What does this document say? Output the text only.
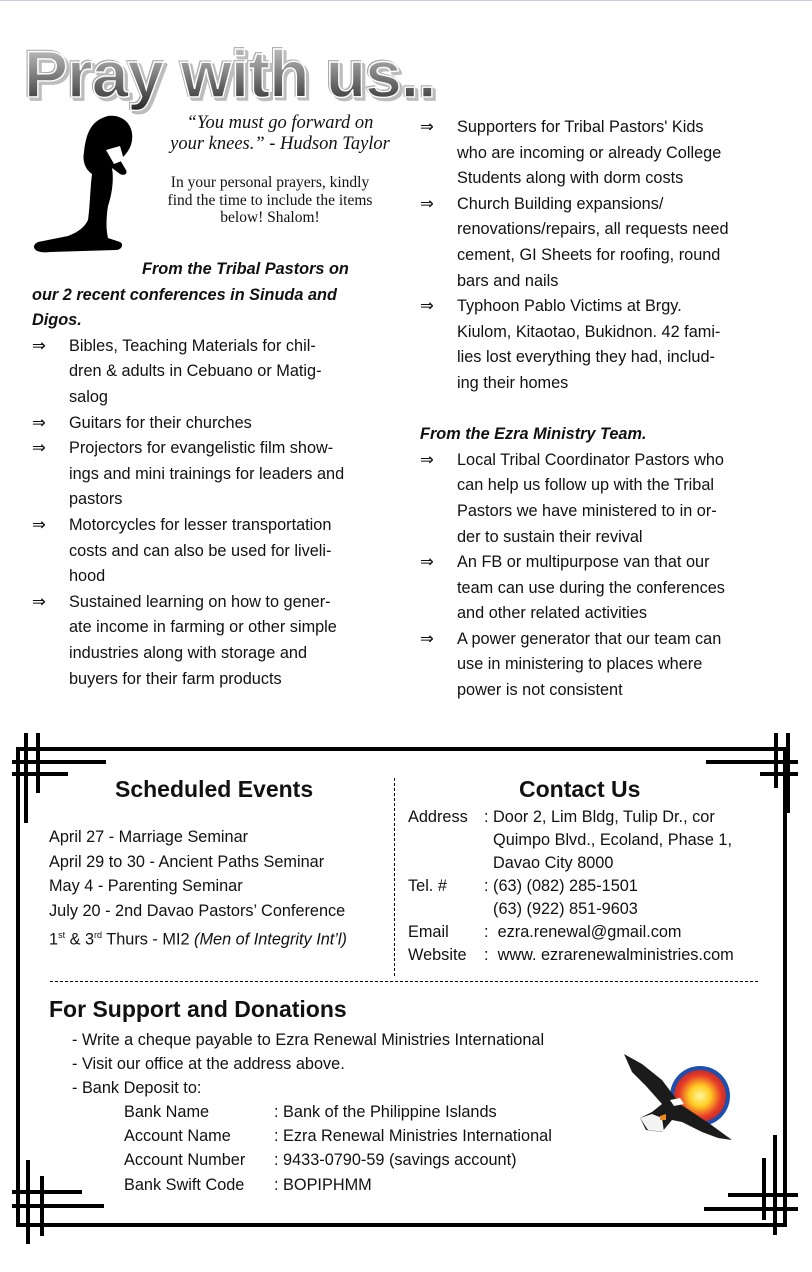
Pray with us..
“You must go forward on
your knees.” - Hudson Taylor
In your personal prayers, kindly
find the time to include the items
below! Shalom!
From the Tribal Pastors on
our 2 recent conferences in Sinuda and
Digos.
⇒ Bibles, Teaching Materials for chil-
dren & adults in Cebuano or Matig-
salog
⇒ Guitars for their churches
⇒ Projectors for evangelistic film show-
ings and mini trainings for leaders and
pastors
⇒ Motorcycles for lesser transportation
costs and can also be used for liveli-
hood
⇒ Sustained learning on how to gener-
ate income in farming or other simple
industries along with storage and
buyers for their farm products
⇒ Supporters for Tribal Pastors' Kids
who are incoming or already College
Students along with dorm costs
⇒ Church Building expansions/
renovations/repairs, all requests need
cement, GI Sheets for roofing, round
bars and nails
⇒ Typhoon Pablo Victims at Brgy.
Kiulom, Kitaotao, Bukidnon. 42 fami-
lies lost everything they had, includ-
ing their homes
From the Ezra Ministry Team.
⇒ Local Tribal Coordinator Pastors who
can help us follow up with the Tribal
Pastors we have ministered to in or-
der to sustain their revival
⇒ An FB or multipurpose van that our
team can use during the conferences
and other related activities
⇒ A power generator that our team can
use in ministering to places where
power is not consistent
Scheduled Events
April 27 - Marriage Seminar
April 29 to 30 - Ancient Paths Seminar
May 4 - Parenting Seminar
July 20 - 2nd Davao Pastors’ Conference
1st & 3rd Thurs - MI2 (Men of Integrity Int’l)
Contact Us
Address : Door 2, Lim Bldg, Tulip Dr., cor
Quimpo Blvd., Ecoland, Phase 1,
Davao City 8000
Tel. #	: (63) (082) 285-1501
(63) (922) 851-9603
Email	:  ezra.renewal@gmail.com
Website	:  www. ezrarenewalministries.com
For Support and Donations
- Write a cheque payable to Ezra Renewal Ministries International
- Visit our office at the address above.
- Bank Deposit to:
Bank Name	: Bank of the Philippine Islands
Account Name	: Ezra Renewal Ministries International
Account Number	: 9433-0790-59 (savings account)
Bank Swift Code	: BOPIPHMM
